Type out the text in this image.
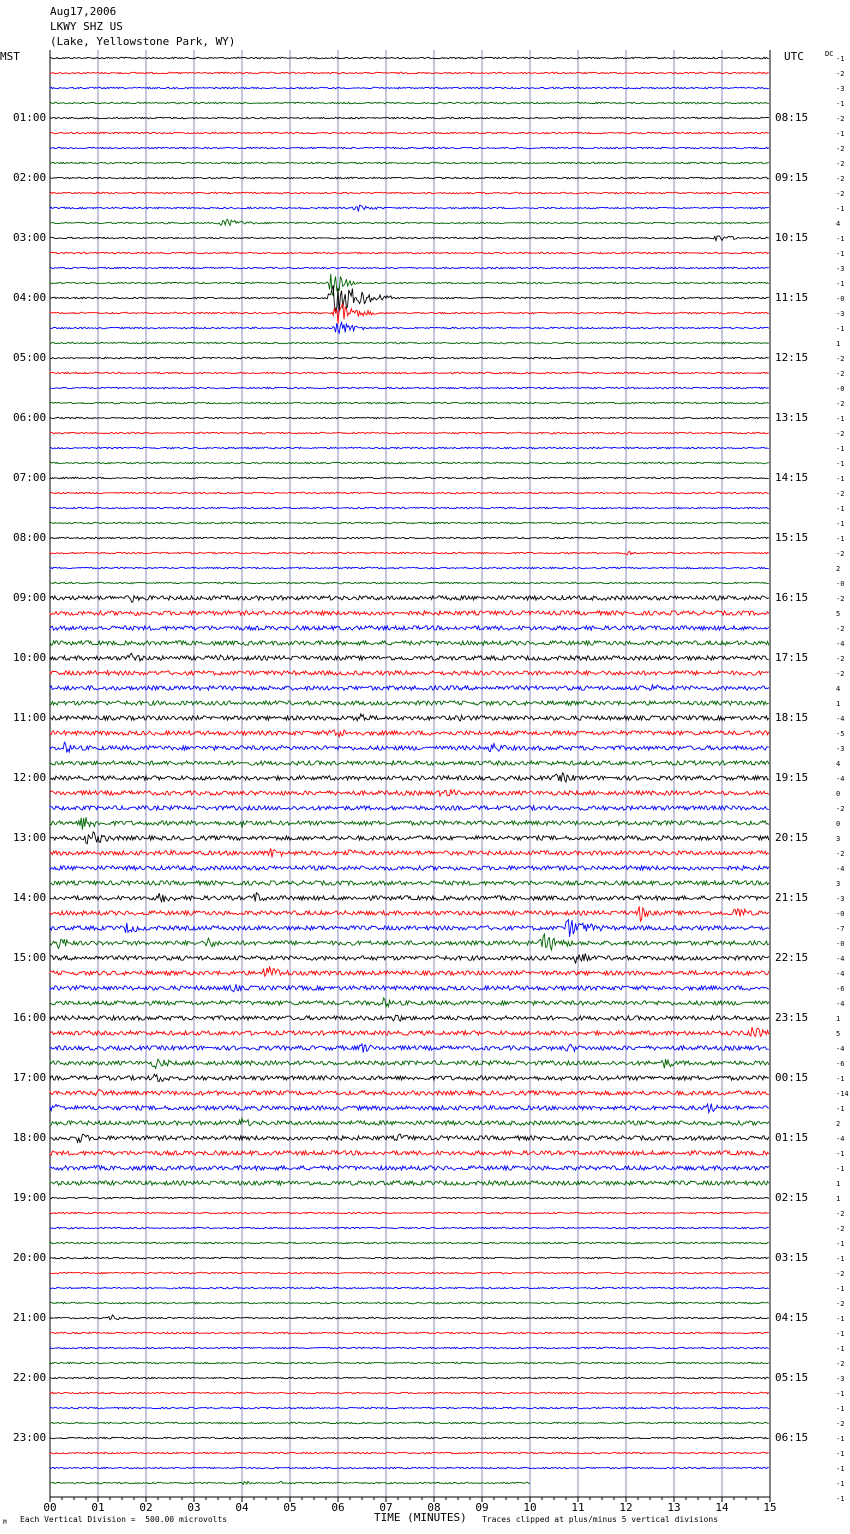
Aug17,2006
LKWY SHZ US
(Lake, Yellowstone Park, WY)
MST	UTC	DC
00	01	02	03	04	05	06	07	08	09	10	11	12	13	14	15
01:00
02:00
03:00
04:00
05:00
06:00
07:00
08:00
09:00
10:00
11:00
12:00
13:00
14:00
15:00
16:00
17:00
18:00
19:00
20:00
21:00
22:00
23:00
08:15
09:15
10:15
11:15
12:15
13:15
14:15
15:15
16:15
17:15
18:15
19:15
20:15
21:15
22:15
23:15
00:15
01:15
02:15
03:15
04:15
05:15
06:15
-1
-2
-3
-1
-2
-1
-2
-2
-2
-2
-1
4
-1
-1
-3
-1
-0
-3
-1
1
-2
-2
-0
-2
-1
-2
-1
-1
-1
-2
-1
-1
-1
-2
2
-0
-2
5
-2
-4
-2
-2
4
1
-4
-5
-3
4
-4
0
-2
0
3
-2
-4
3
-3
-0
-7
-0
-4
-4
-6
-4
1
5
-4
-6
-1
-14
-1
2
-4
-1
-1
1
1
-2
-2
-1
-1
-2
-1
-2
-1
-1
-1
-2
-3
-1
-1
-2
-1
-1
-1
-1
-1
TIME (MINUTES)
M Each Vertical Division =  500.00 microvolts	Traces clipped at plus/minus 5 vertical divisions
